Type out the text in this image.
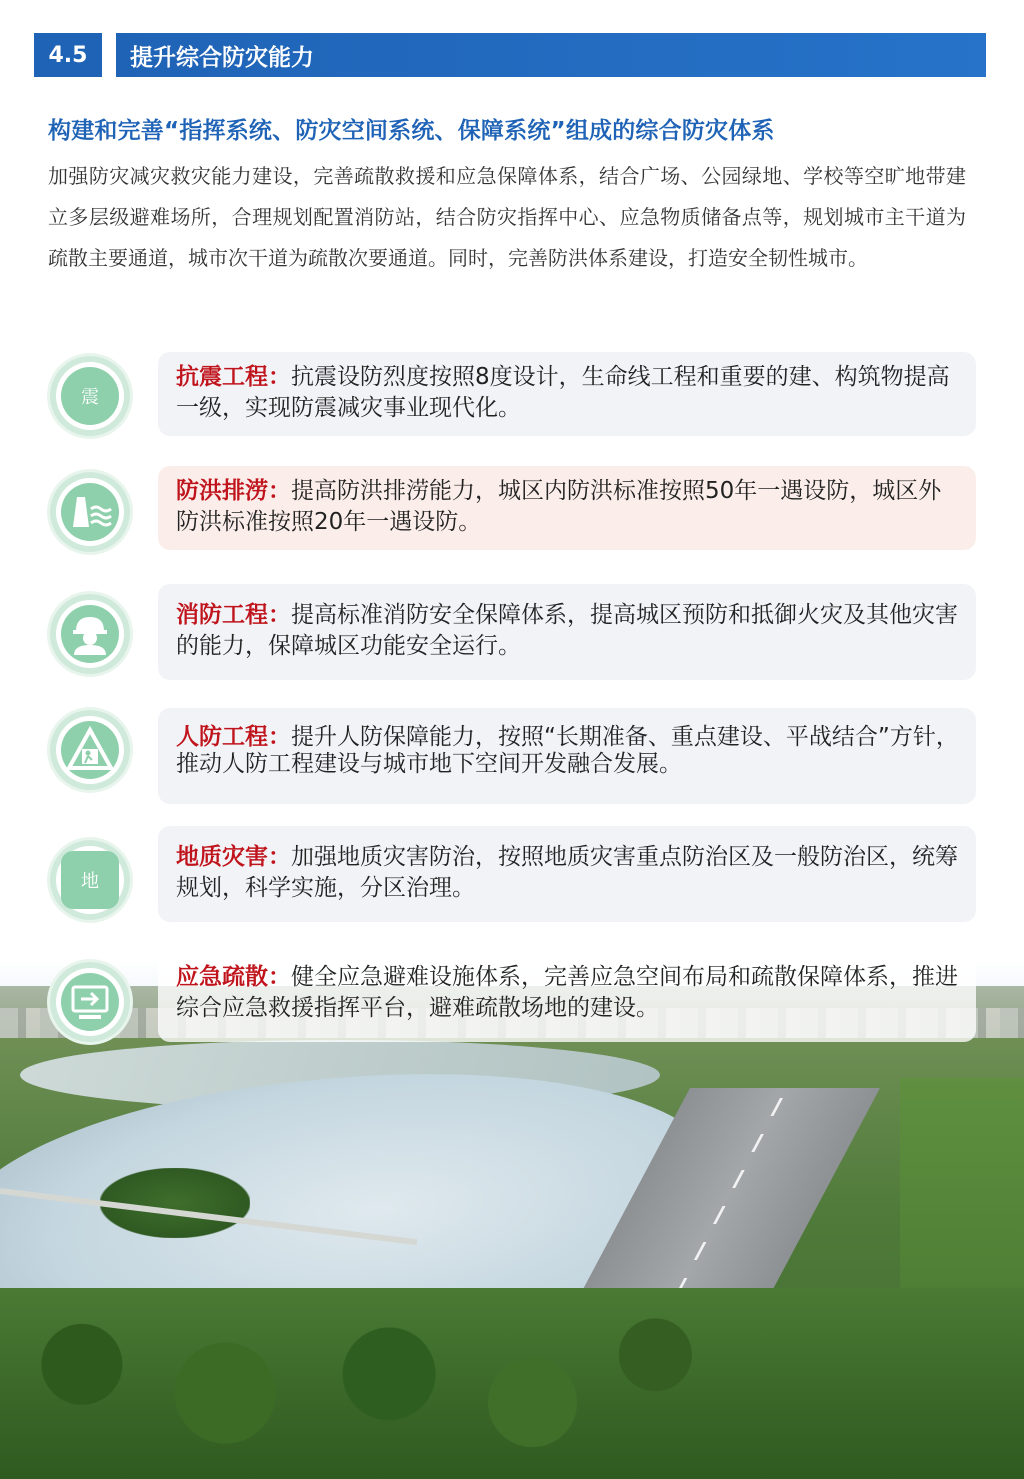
4.5	提升综合防灾能力
构建和完善“指挥系统、防灾空间系统、保障系统”组成的综合防灾体系
加强防灾减灾救灾能力建设，完善疏散救援和应急保障体系，结合广场、公园绿地、学校等空旷地带建立多层级避难场所，合理规划配置消防站，结合防灾指挥中心、应急物质储备点等，规划城市主干道为疏散主要通道，城市次干道为疏散次要通道。同时，完善防洪体系建设，打造安全韧性城市。
震
抗震工程：抗震设防烈度按照8度设计，生命线工程和重要的建、构筑物提高一级，实现防震减灾事业现代化。
防洪排涝：提高防洪排涝能力，城区内防洪标准按照50年一遇设防，城区外防洪标准按照20年一遇设防。
消防工程：提高标准消防安全保障体系，提高城区预防和抵御火灾及其他灾害的能力，保障城区功能安全运行。
人防工程：提升人防保障能力，按照“长期准备、重点建设、平战结合”方针，推动人防工程建设与城市地下空间开发融合发展。
地
地质灾害：加强地质灾害防治，按照地质灾害重点防治区及一般防治区，统筹规划，科学实施，分区治理。
应急疏散：健全应急避难设施体系，完善应急空间布局和疏散保障体系，推进综合应急救援指挥平台，避难疏散场地的建设。
